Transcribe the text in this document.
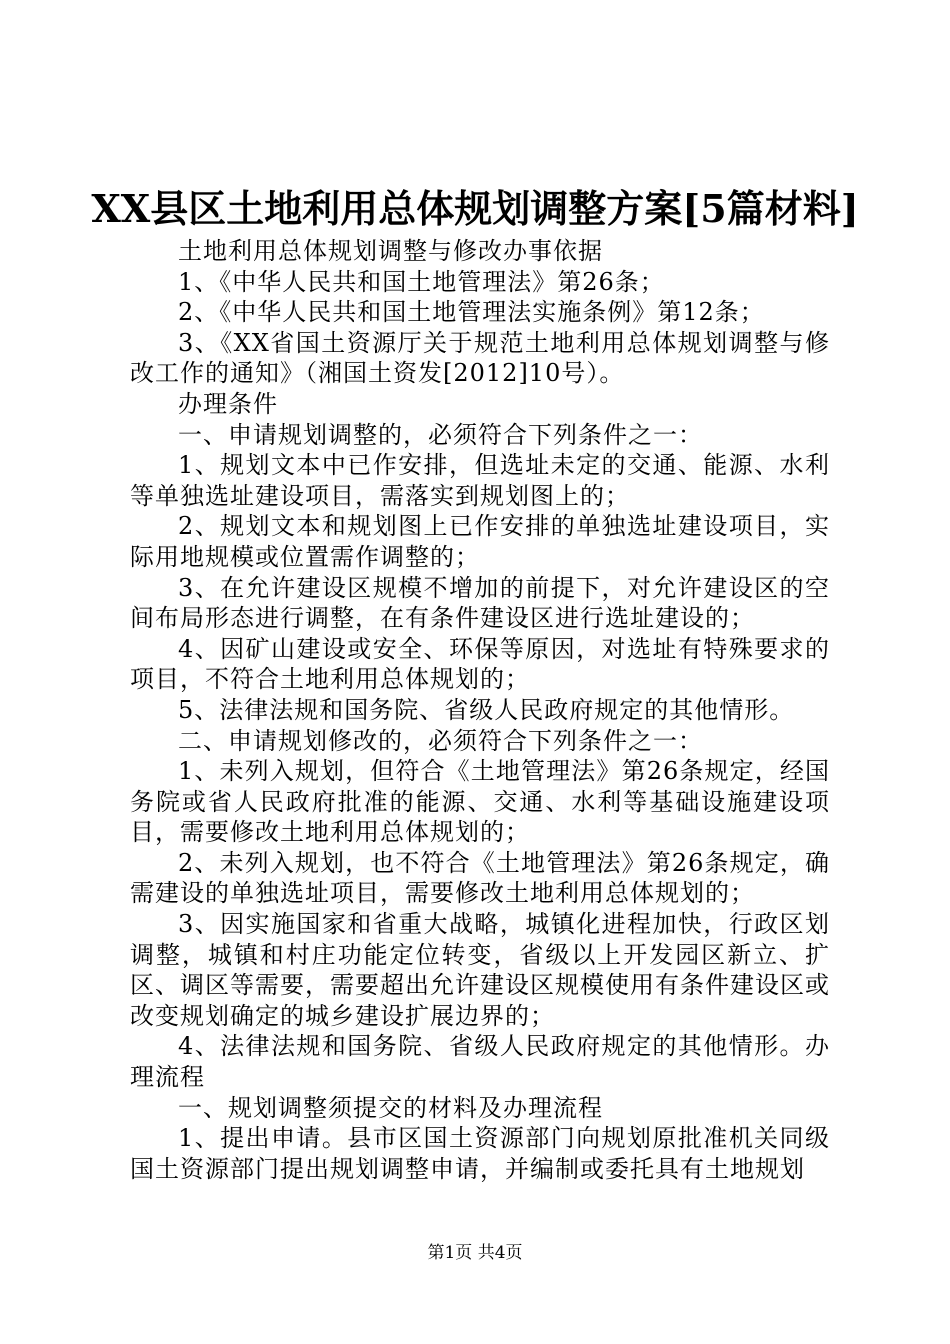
XX县区土地利用总体规划调整方案[5篇材料]

土地利用总体规划调整与修改办事依据

1、《中华人民共和国土地管理法》第26条；

2、《中华人民共和国土地管理法实施条例》第12条；

3、《XX省国土资源厅关于规范土地利用总体规划调整与修改工作的通知》（湘国土资发[2012]10号）。

办理条件

一、申请规划调整的，必须符合下列条件之一：

1、规划文本中已作安排，但选址未定的交通、能源、水利等单独选址建设项目，需落实到规划图上的；

2、规划文本和规划图上已作安排的单独选址建设项目，实际用地规模或位置需作调整的；

3、在允许建设区规模不增加的前提下，对允许建设区的空间布局形态进行调整，在有条件建设区进行选址建设的；

4、因矿山建设或安全、环保等原因，对选址有特殊要求的项目，不符合土地利用总体规划的；

5、法律法规和国务院、省级人民政府规定的其他情形。

二、申请规划修改的，必须符合下列条件之一：

1、未列入规划，但符合《土地管理法》第26条规定，经国务院或省人民政府批准的能源、交通、水利等基础设施建设项目，需要修改土地利用总体规划的；

2、未列入规划，也不符合《土地管理法》第26条规定，确需建设的单独选址项目，需要修改土地利用总体规划的；

3、因实施国家和省重大战略，城镇化进程加快，行政区划调整，城镇和村庄功能定位转变，省级以上开发园区新立、扩区、调区等需要，需要超出允许建设区规模使用有条件建设区或改变规划确定的城乡建设扩展边界的；

4、法律法规和国务院、省级人民政府规定的其他情形。办理流程

一、规划调整须提交的材料及办理流程

1、提出申请。县市区国土资源部门向规划原批准机关同级国土资源部门提出规划调整申请，并编制或委托具有土地规划

第1页 共4页
